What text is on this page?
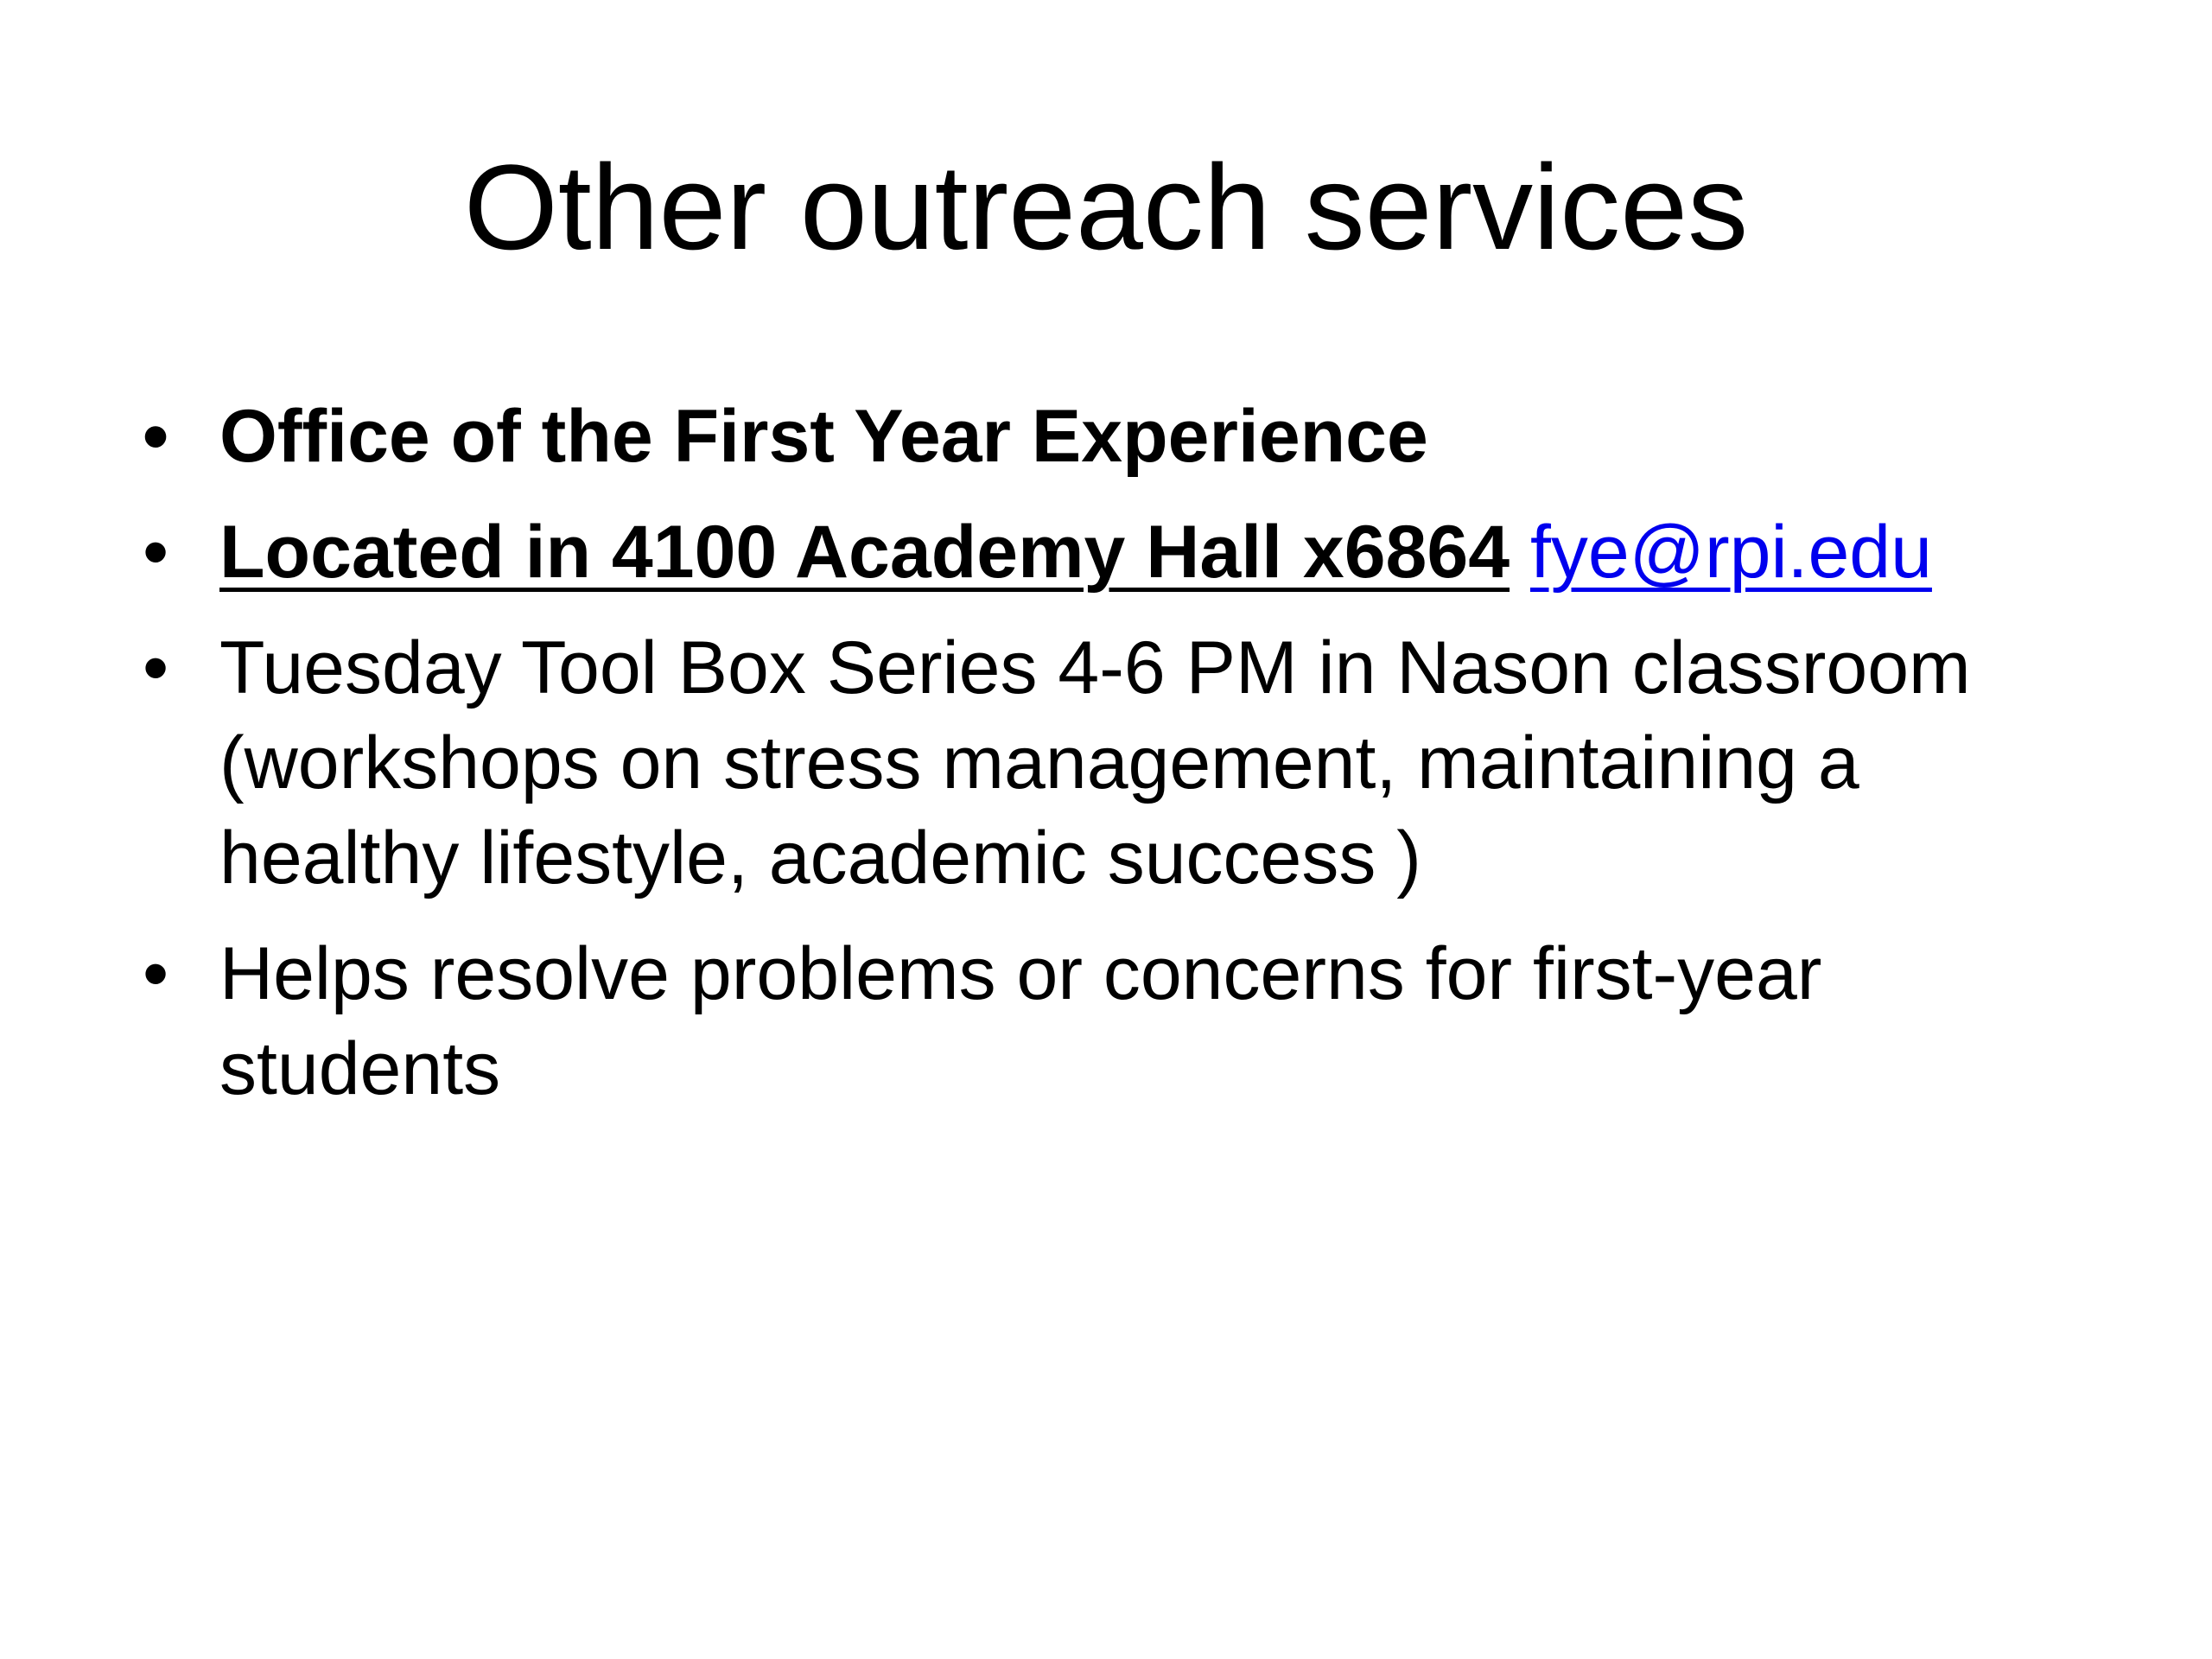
Other outreach services
• Office of the First Year Experience
• Located in 4100 Academy Hall x6864 fye@rpi.edu
• Tuesday Tool Box Series 4-6 PM in Nason classroom (workshops on stress management, maintaining a healthy lifestyle, academic success )
• Helps resolve problems or concerns for first-year students
